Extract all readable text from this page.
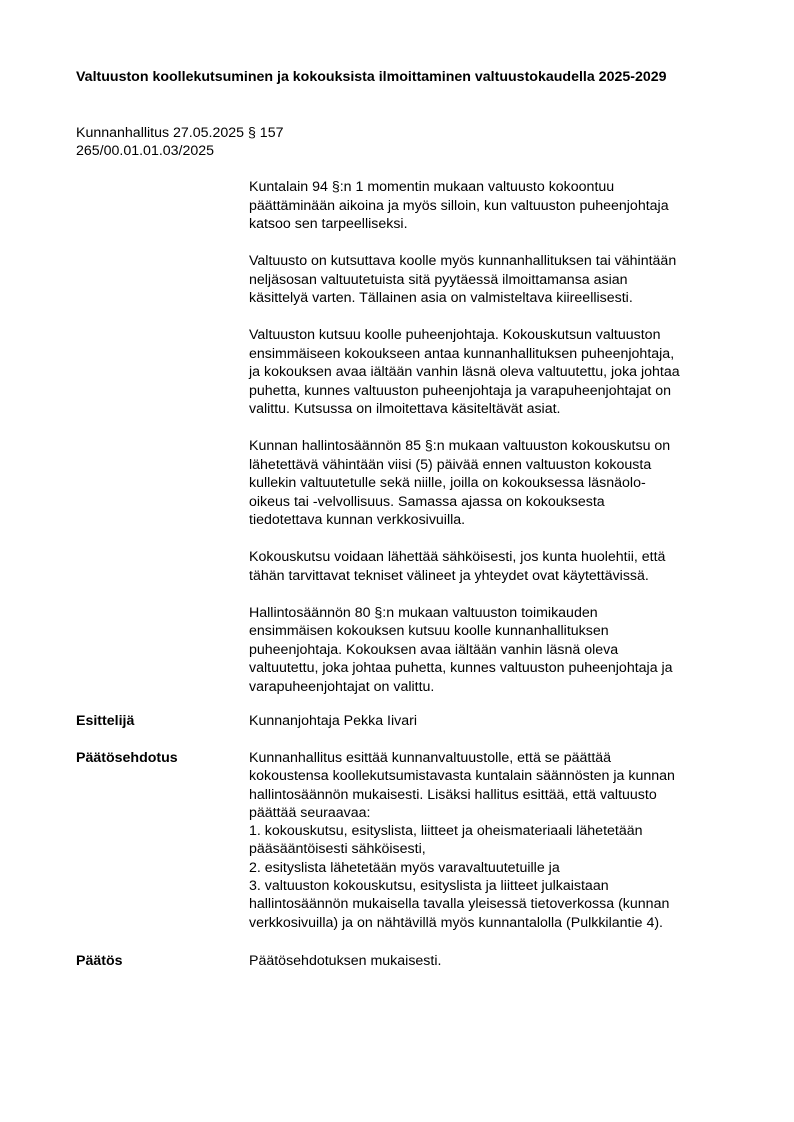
Valtuuston koollekutsuminen ja kokouksista ilmoittaminen valtuustokaudella 2025-2029
Kunnanhallitus 27.05.2025 § 157
265/00.01.01.03/2025

Kuntalain 94 §:n 1 momentin mukaan valtuusto kokoontuu
päättäminään aikoina ja myös silloin, kun valtuuston puheenjohtaja
katsoo sen tarpeelliseksi.

Valtuusto on kutsuttava koolle myös kunnanhallituksen tai vähintään
neljäsosan valtuutetuista sitä pyytäessä ilmoittamansa asian
käsittelyä varten. Tällainen asia on valmisteltava kiireellisesti.

Valtuuston kutsuu koolle puheenjohtaja. Kokouskutsun valtuuston
ensimmäiseen kokoukseen antaa kunnanhallituksen puheenjohtaja,
ja kokouksen avaa iältään vanhin läsnä oleva valtuutettu, joka johtaa
puhetta, kunnes valtuuston puheenjohtaja ja varapuheenjohtajat on
valittu. Kutsussa on ilmoitettava käsiteltävät asiat.

Kunnan hallintosäännön 85 §:n mukaan valtuuston kokouskutsu on
lähetettävä vähintään viisi (5) päivää ennen valtuuston kokousta
kullekin valtuutetulle sekä niille, joilla on kokouksessa läsnäolo-
oikeus tai -velvollisuus. Samassa ajassa on kokouksesta
tiedotettava kunnan verkkosivuilla.

Kokouskutsu voidaan lähettää sähköisesti, jos kunta huolehtii, että
tähän tarvittavat tekniset välineet ja yhteydet ovat käytettävissä.

Hallintosäännön 80 §:n mukaan valtuuston toimikauden
ensimmäisen kokouksen kutsuu koolle kunnanhallituksen
puheenjohtaja. Kokouksen avaa iältään vanhin läsnä oleva
valtuutettu, joka johtaa puhetta, kunnes valtuuston puheenjohtaja ja
varapuheenjohtajat on valittu.

Esittelijä	Kunnanjohtaja Pekka Iivari
Päätösehdotus	Kunnanhallitus esittää kunnanvaltuustolle, että se päättää
kokoustensa koollekutsumistavasta kuntalain säännösten ja kunnan
hallintosäännön mukaisesti. Lisäksi hallitus esittää, että valtuusto
päättää seuraavaa:
1. kokouskutsu, esityslista, liitteet ja oheismateriaali lähetetään
pääsääntöisesti sähköisesti,
2. esityslista lähetetään myös varavaltuutetuille ja
3. valtuuston kokouskutsu, esityslista ja liitteet julkaistaan
hallintosäännön mukaisella tavalla yleisessä tietoverkossa (kunnan
verkkosivuilla) ja on nähtävillä myös kunnantalolla (Pulkkilantie 4).
Päätös	Päätösehdotuksen mukaisesti.
